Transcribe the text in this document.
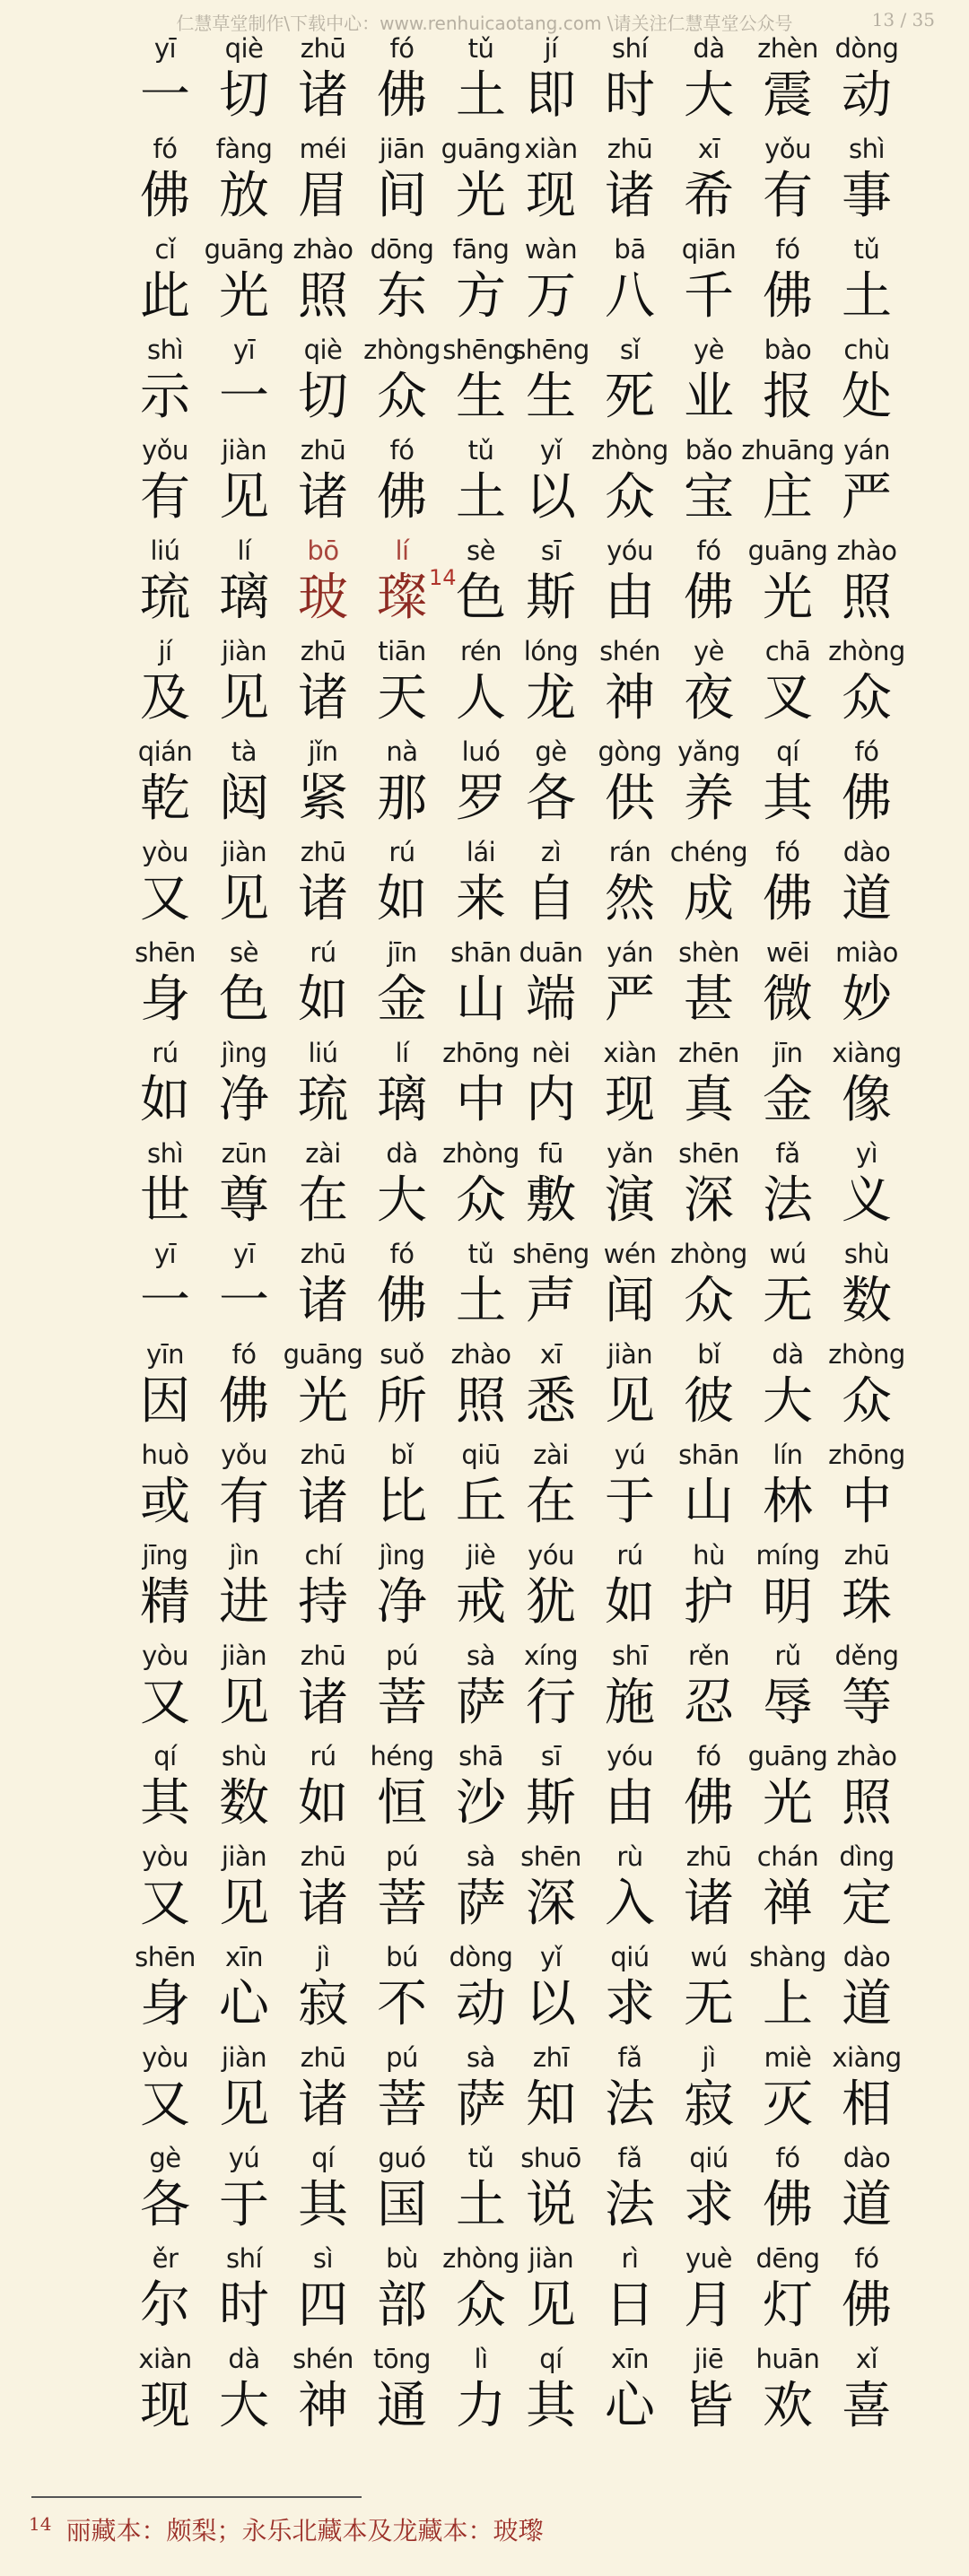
仁慧草堂制作\下载中心：www.renhuicaotang.com \请关注仁慧草堂公众号	13 / 35
yī
一
qiè
切
zhū
诸
fó
佛
tǔ
土
fó
佛
fàng
放
méi
眉
jiān
间
guāng
光
cǐ
此
guāng
光
zhào
照
dōng
东
fāng
方
shì
示
yī
一
qiè
切
zhòng
众
shēng
生
yǒu
有
jiàn
见
zhū
诸
fó
佛
tǔ
土
liú
琉
lí
璃
bō
玻
lí
璨 14
sè
色
jí
及
jiàn
见
zhū
诸
tiān
天
rén
人
qián
乾
tà
闼
jǐn
紧
nà
那
luó
罗
yòu
又
jiàn
见
zhū
诸
rú
如
lái
来
shēn
身
sè
色
rú
如
jīn
金
shān
山
rú
如
jìng
净
liú
琉
lí
璃
zhōng
中
shì
世
zūn
尊
zài
在
dà
大
zhòng
众
yī
一
yī
一
zhū
诸
fó
佛
tǔ
土
yīn
因
fó
佛
guāng
光
suǒ
所
zhào
照
huò
或
yǒu
有
zhū
诸
bǐ
比
qiū
丘
jīng
精
jìn
进
chí
持
jìng
净
jiè
戒
yòu
又
jiàn
见
zhū
诸
pú
菩
sà
萨
qí
其
shù
数
rú
如
héng
恒
shā
沙
yòu
又
jiàn
见
zhū
诸
pú
菩
sà
萨
shēn
身
xīn
心
jì
寂
bú
不
dòng
动
yòu
又
jiàn
见
zhū
诸
pú
菩
sà
萨
gè
各
yú
于
qí
其
guó
国
tǔ
土
ěr
尔
shí
时
sì
四
bù
部
zhòng
众
xiàn
现
dà
大
shén
神
tōng
通
lì
力
jí
即
shí
时
dà
大
zhèn
震
dòng
动
xiàn
现
zhū
诸
xī
希
yǒu
有
shì
事
wàn
万
bā
八
qiān
千
fó
佛
tǔ
土
shēng
生
sǐ
死
yè
业
bào
报
chù
处
yǐ
以
zhòng
众
bǎo
宝
zhuāng
庄
yán
严
sī
斯
yóu
由
fó
佛
guāng
光
zhào
照
lóng
龙
shén
神
yè
夜
chā
叉
zhòng
众
gè
各
gòng
供
yǎng
养
qí
其
fó
佛
zì
自
rán
然
chéng
成
fó
佛
dào
道
duān
端
yán
严
shèn
甚
wēi
微
miào
妙
nèi
内
xiàn
现
zhēn
真
jīn
金
xiàng
像
fū
敷
yǎn
演
shēn
深
fǎ
法
yì
义
shēng
声
wén
闻
zhòng
众
wú
无
shù
数
xī
悉
jiàn
见
bǐ
彼
dà
大
zhòng
众
zài
在
yú
于
shān
山
lín
林
zhōng
中
yóu
犹
rú
如
hù
护
míng
明
zhū
珠
xíng
行
shī
施
rěn
忍
rǔ
辱
děng
等
sī
斯
yóu
由
fó
佛
guāng
光
zhào
照
shēn
深
rù
入
zhū
诸
chán
禅
dìng
定
yǐ
以
qiú
求
wú
无
shàng
上
dào
道
zhī
知
fǎ
法
jì
寂
miè
灭
xiàng
相
shuō
说
fǎ
法
qiú
求
fó
佛
dào
道
jiàn
见
rì
日
yuè
月
dēng
灯
fó
佛
qí
其
xīn
心
jiē
皆
huān
欢
xǐ
喜
14 丽藏本：颇梨；永乐北藏本及龙藏本：玻瓈
